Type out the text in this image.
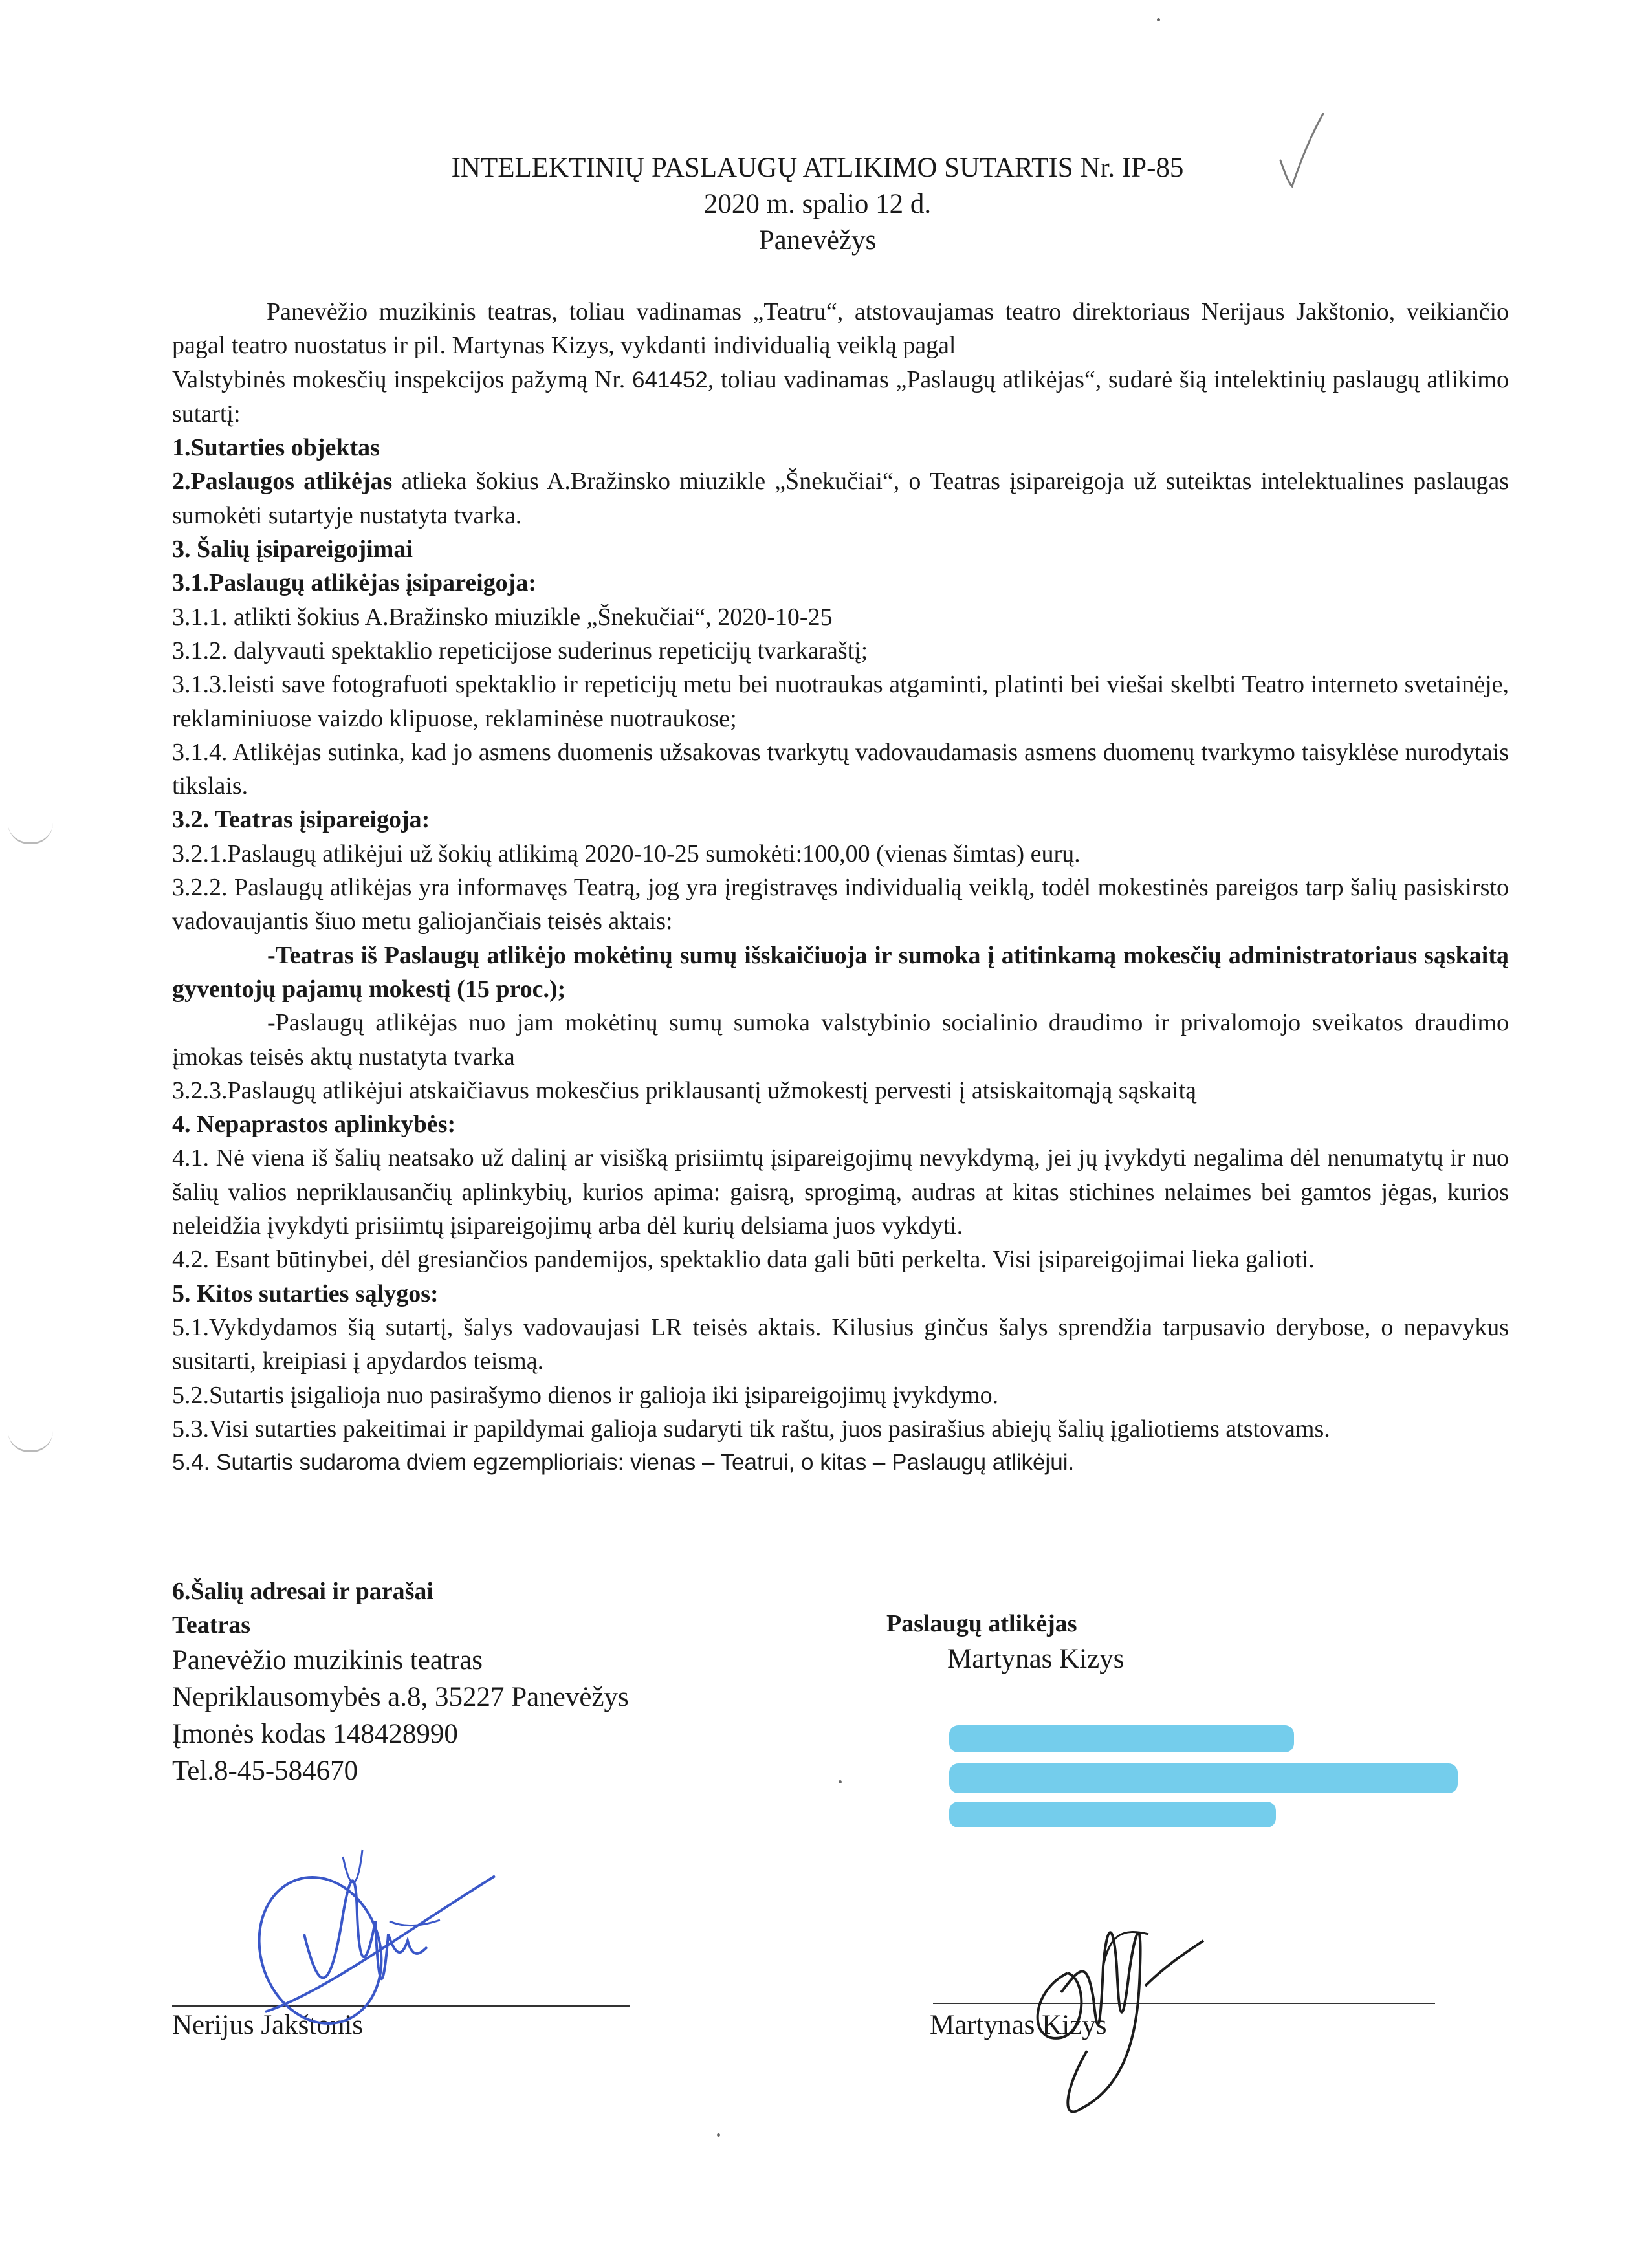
INTELEKTINIŲ PASLAUGŲ ATLIKIMO SUTARTIS Nr. IP-85
2020 m. spalio 12 d.
Panevėžys

Panevėžio muzikinis teatras, toliau vadinamas „Teatru“, atstovaujamas teatro direktoriaus Nerijaus Jakštonio, veikiančio pagal teatro nuostatus ir pil. Martynas Kizys, vykdanti individualią veiklą pagal
Valstybinės mokesčių inspekcijos pažymą Nr. 641452, toliau vadinamas „Paslaugų atlikėjas“, sudarė šią intelektinių paslaugų atlikimo sutartį:

1.Sutarties objektas

2.Paslaugos atlikėjas atlieka šokius A.Bražinsko miuzikle „Šnekučiai“, o Teatras įsipareigoja už suteiktas intelektualines paslaugas sumokėti sutartyje nustatyta tvarka.

3. Šalių įsipareigojimai

3.1.Paslaugų atlikėjas įsipareigoja:

3.1.1. atlikti šokius A.Bražinsko miuzikle „Šnekučiai“, 2020-10-25

3.1.2. dalyvauti spektaklio repeticijose suderinus repeticijų tvarkaraštį;

3.1.3.leisti save fotografuoti spektaklio ir repeticijų metu bei nuotraukas atgaminti, platinti bei viešai skelbti Teatro interneto svetainėje, reklaminiuose vaizdo klipuose, reklaminėse nuotraukose;

3.1.4. Atlikėjas sutinka, kad jo asmens duomenis užsakovas tvarkytų vadovaudamasis asmens duomenų tvarkymo taisyklėse nurodytais tikslais.

3.2. Teatras įsipareigoja:

3.2.1.Paslaugų atlikėjui už šokių atlikimą 2020-10-25 sumokėti:100,00 (vienas šimtas) eurų.

3.2.2. Paslaugų atlikėjas yra informavęs Teatrą, jog yra įregistravęs individualią veiklą, todėl mokestinės pareigos tarp šalių pasiskirsto vadovaujantis šiuo metu galiojančiais teisės aktais:

-Teatras iš Paslaugų atlikėjo mokėtinų sumų išskaičiuoja ir sumoka į atitinkamą mokesčių administratoriaus sąskaitą gyventojų pajamų mokestį (15 proc.);

-Paslaugų atlikėjas nuo jam mokėtinų sumų sumoka valstybinio socialinio draudimo ir privalomojo sveikatos draudimo įmokas teisės aktų nustatyta tvarka

3.2.3.Paslaugų atlikėjui atskaičiavus mokesčius priklausantį užmokestį pervesti į atsiskaitomąją sąskaitą

4. Nepaprastos aplinkybės:

4.1. Nė viena iš šalių neatsako už dalinį ar visišką prisiimtų įsipareigojimų nevykdymą, jei jų įvykdyti negalima dėl nenumatytų ir nuo šalių valios nepriklausančių aplinkybių, kurios apima: gaisrą, sprogimą, audras at kitas stichines nelaimes bei gamtos jėgas, kurios neleidžia įvykdyti prisiimtų įsipareigojimų arba dėl kurių delsiama juos vykdyti.

4.2. Esant būtinybei, dėl gresiančios pandemijos, spektaklio data gali būti perkelta. Visi įsipareigojimai lieka galioti.

5. Kitos sutarties sąlygos:

5.1.Vykdydamos šią sutartį, šalys vadovaujasi LR teisės aktais. Kilusius ginčus šalys sprendžia tarpusavio derybose, o nepavykus susitarti, kreipiasi į apydardos teismą.

5.2.Sutartis įsigalioja nuo pasirašymo dienos ir galioja iki įsipareigojimų įvykdymo.

5.3.Visi sutarties pakeitimai ir papildymai galioja sudaryti tik raštu, juos pasirašius abiejų šalių įgaliotiems atstovams.

5.4. Sutartis sudaroma dviem egzemplioriais: vienas – Teatrui, o kitas – Paslaugų atlikėjui.

6.Šalių adresai ir parašai
Teatras
Panevėžio muzikinis teatras
Nepriklausomybės a.8, 35227 Panevėžys
Įmonės kodas 148428990
Tel.8-45-584670
Paslaugų atlikėjas
Martynas Kizys
Nerijus Jakštonis	Martynas Kizys
